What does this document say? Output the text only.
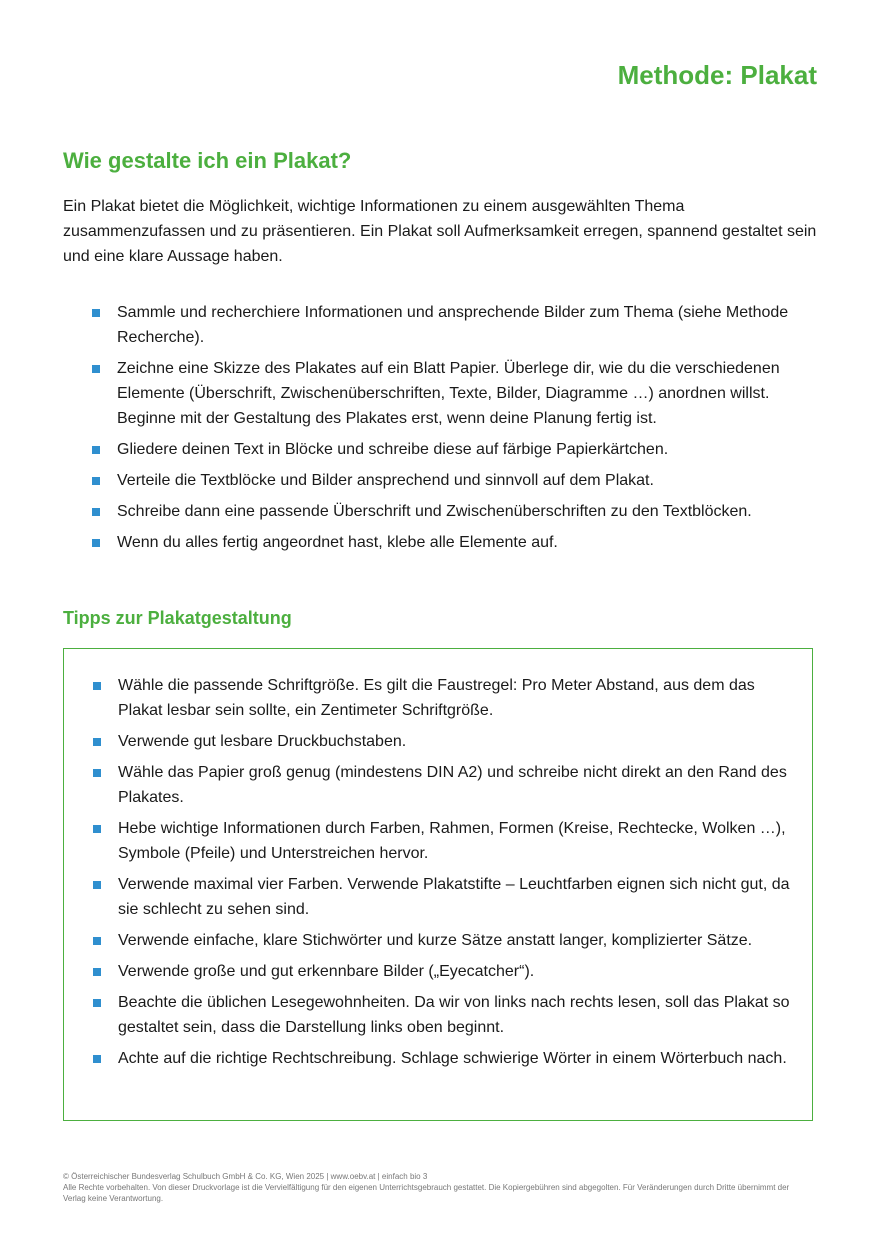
Methode: Plakat
Wie gestalte ich ein Plakat?

Ein Plakat bietet die Möglichkeit, wichtige Informationen zu einem ausgewählten Thema zusammenzufassen und zu präsentieren. Ein Plakat soll Aufmerksamkeit erregen, spannend gestaltet sein und eine klare Aussage haben.

Sammle und recherchiere Informationen und ansprechende Bilder zum Thema (siehe Methode Recherche).
Zeichne eine Skizze des Plakates auf ein Blatt Papier. Überlege dir, wie du die verschiedenen Elemente (Überschrift, Zwischenüberschriften, Texte, Bilder, Diagramme …) anordnen willst. Beginne mit der Gestaltung des Plakates erst, wenn deine Planung fertig ist.
Gliedere deinen Text in Blöcke und schreibe diese auf färbige Papierkärtchen.
Verteile die Textblöcke und Bilder ansprechend und sinnvoll auf dem Plakat.
Schreibe dann eine passende Überschrift und Zwischenüberschriften zu den Textblöcken.
Wenn du alles fertig angeordnet hast, klebe alle Elemente auf.
Tipps zur Plakatgestaltung
Wähle die passende Schriftgröße. Es gilt die Faustregel: Pro Meter Abstand, aus dem das Plakat lesbar sein sollte, ein Zentimeter Schriftgröße.
Verwende gut lesbare Druckbuchstaben.
Wähle das Papier groß genug (mindestens DIN A2) und schreibe nicht direkt an den Rand des Plakates.
Hebe wichtige Informationen durch Farben, Rahmen, Formen (Kreise, Rechtecke, Wolken …), Symbole (Pfeile) und Unterstreichen hervor.
Verwende maximal vier Farben. Verwende Plakatstifte – Leuchtfarben eignen sich nicht gut, da sie schlecht zu sehen sind.
Verwende einfache, klare Stichwörter und kurze Sätze anstatt langer, komplizierter Sätze.
Verwende große und gut erkennbare Bilder („Eyecatcher“).
Beachte die üblichen Lesegewohnheiten. Da wir von links nach rechts lesen, soll das Plakat so gestaltet sein, dass die Darstellung links oben beginnt.
Achte auf die richtige Rechtschreibung. Schlage schwierige Wörter in einem Wörterbuch nach.
© Österreichischer Bundesverlag Schulbuch GmbH & Co. KG, Wien 2025 | www.oebv.at | einfach bio 3
Alle Rechte vorbehalten. Von dieser Druckvorlage ist die Vervielfältigung für den eigenen Unterrichtsgebrauch gestattet. Die Kopiergebühren sind abgegolten. Für Veränderungen durch Dritte übernimmt der Verlag keine Verantwortung.
